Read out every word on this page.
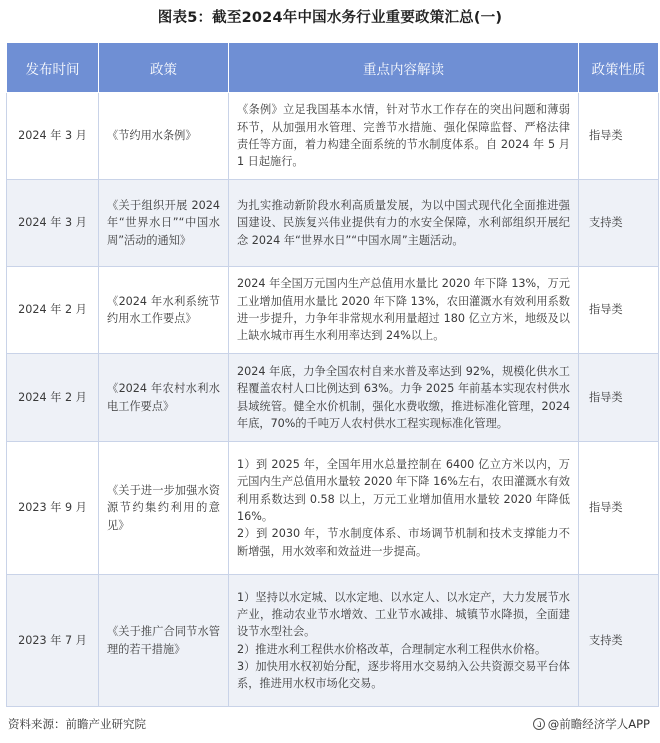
图表5：截至2024年中国水务行业重要政策汇总(一)
发布时间	政策	重点内容解读	政策性质
2024 年 3 月	《节约用水条例》	《条例》立足我国基本水情，针对节水工作存在的突出问题和薄弱环节，从加强用水管理、完善节水措施、强化保障监督、严格法律责任等方面，着力构建全面系统的节水制度体系。自 2024 年 5 月 1 日起施行。	指导类
2024 年 3 月	《关于组织开展 2024 年“世界水日”“中国水周”活动的通知》	为扎实推动新阶段水利高质量发展，为以中国式现代化全面推进强国建设、民族复兴伟业提供有力的水安全保障，水利部组织开展纪念 2024 年“世界水日”“中国水周”主题活动。	支持类
2024 年 2 月	《2024 年水利系统节约用水工作要点》	2024 年全国万元国内生产总值用水量比 2020 年下降 13%，万元工业增加值用水量比 2020 年下降 13%，农田灌溉水有效利用系数进一步提升，力争年非常规水利用量超过 180 亿立方米，地级及以上缺水城市再生水利用率达到 24%以上。	指导类
2024 年 2 月	《2024 年农村水利水电工作要点》	2024 年底，力争全国农村自来水普及率达到 92%，规模化供水工程覆盖农村人口比例达到 63%。力争 2025 年前基本实现农村供水县域统管。健全水价机制，强化水费收缴，推进标准化管理，2024 年底，70%的千吨万人农村供水工程实现标准化管理。	指导类
2023 年 9 月	《关于进一步加强水资源节约集约利用的意见》	1）到 2025 年，全国年用水总量控制在 6400 亿立方米以内，万元国内生产总值用水量较 2020 年下降 16%左右，农田灌溉水有效利用系数达到 0.58 以上，万元工业增加值用水量较 2020 年降低 16%。
2）到 2030 年，节水制度体系、市场调节机制和技术支撑能力不断增强，用水效率和效益进一步提高。	指导类
2023 年 7 月	《关于推广合同节水管理的若干措施》	1）坚持以水定城、以水定地、以水定人、以水定产，大力发展节水产业，推动农业节水增效、工业节水减排、城镇节水降损，全面建设节水型社会。
2）推进水利工程供水价格改革，合理制定水利工程供水价格。
3）加快用水权初始分配，逐步将用水交易纳入公共资源交易平台体系，推进用水权市场化交易。	支持类
资料来源：前瞻产业研究院	@前瞻经济学人APP
